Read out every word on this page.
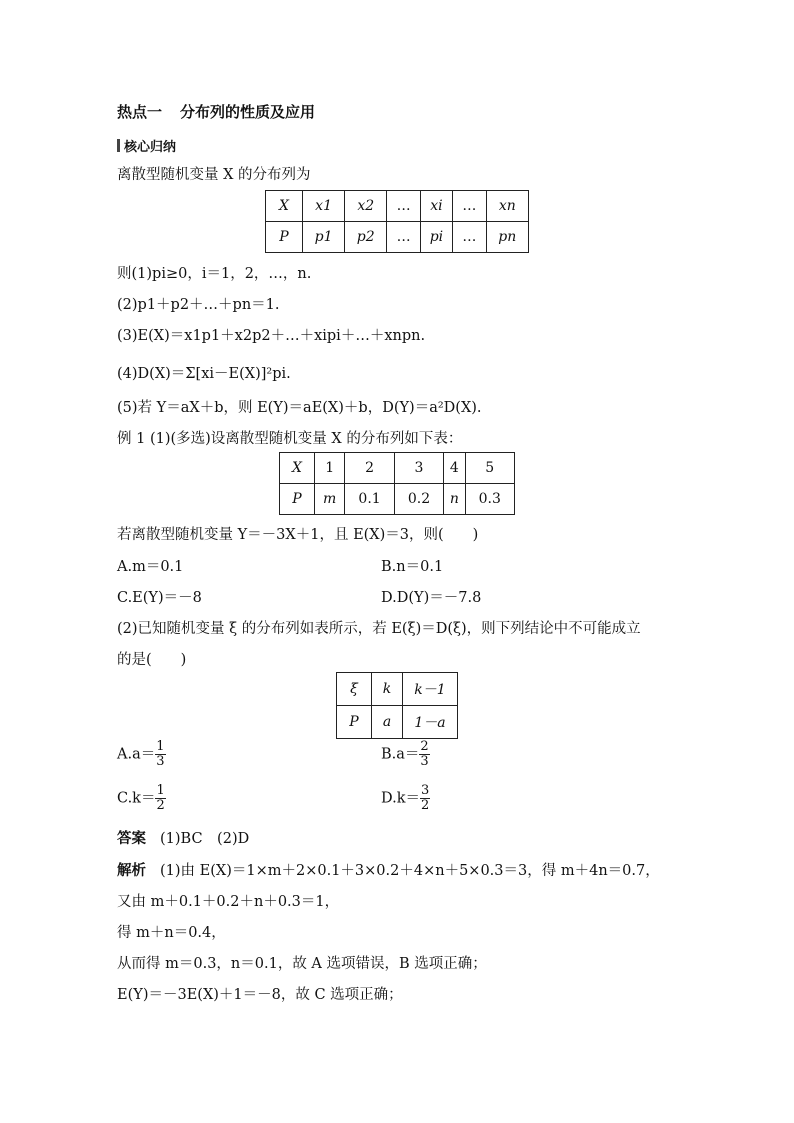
热点一 分布列的性质及应用
核心归纳
离散型随机变量 X 的分布列为
X	x1	x2	…	xi	…	xn
P	p1	p2	…	pi	…	pn
则(1)pi≥0，i＝1，2，…，n.
(2)p1＋p2＋…＋pn＝1.
(3)E(X)＝x1p1＋x2p2＋…＋xipi＋…＋xnpn.
(4)D(X)＝Σ[xi－E(X)]²pi.
(5)若 Y＝aX＋b，则 E(Y)＝aE(X)＋b，D(Y)＝a²D(X).
例 1 (1)(多选)设离散型随机变量 X 的分布列如下表：
X	1	2	3	4	5
P	m	0.1	0.2	n	0.3
若离散型随机变量 Y＝－3X＋1，且 E(X)＝3，则(　　)
A.m＝0.1	B.n＝0.1
C.E(Y)＝－8	D.D(Y)＝－7.8
(2)已知随机变量 ξ 的分布列如表所示，若 E(ξ)＝D(ξ)，则下列结论中不可能成立
的是(　　)
ξ	k	k－1
P	a	1－a
$A.a= \frac{1}{3}$	$B.a= \frac{2}{3}$
$C.k= \frac{1}{2}$	$D.k= \frac{3}{2}$
答案 (1)BC　(2)D
解析 (1)由 E(X)＝1×m＋2×0.1＋3×0.2＋4×n＋5×0.3＝3，得 m＋4n＝0.7，
又由 m＋0.1＋0.2＋n＋0.3＝1，
得 m＋n＝0.4，
从而得 m＝0.3，n＝0.1，故 A 选项错误，B 选项正确；
E(Y)＝－3E(X)＋1＝－8，故 C 选项正确；
